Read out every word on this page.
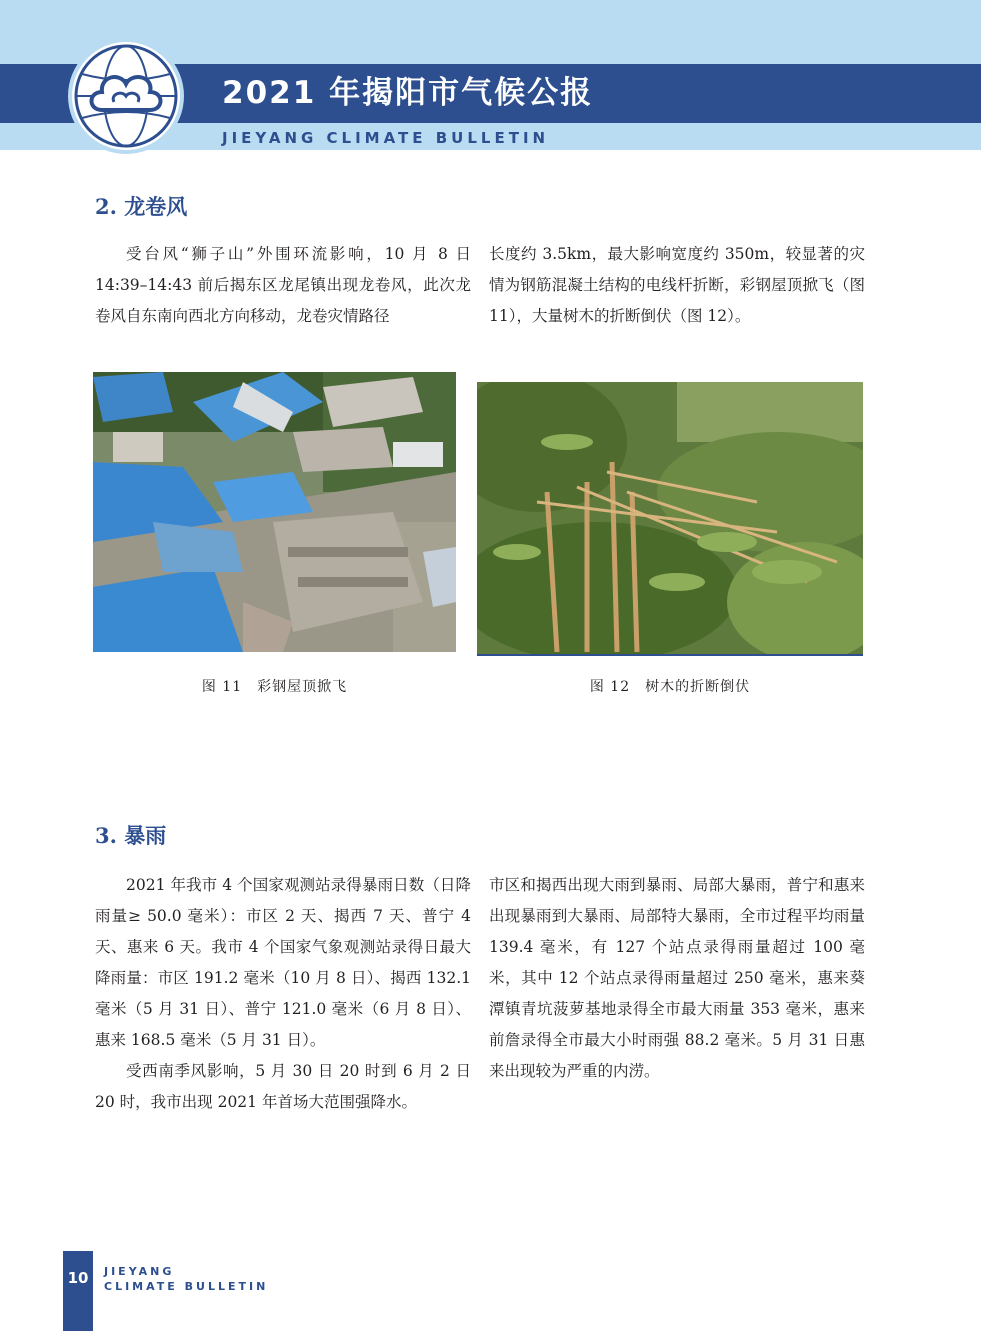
2021 年揭阳市气候公报
JIEYANG CLIMATE BULLETIN
2. 龙卷风

受台风“狮子山”外围环流影响，10 月 8 日 14:39–14:43 前后揭东区龙尾镇出现龙卷风，此次龙卷风自东南向西北方向移动，龙卷灾情路径

长度约 3.5km，最大影响宽度约 350m，较显著的灾情为钢筋混凝土结构的电线杆折断，彩钢屋顶掀飞（图 11），大量树木的折断倒伏（图 12）。

图 11　彩钢屋顶掀飞	图 12　树木的折断倒伏
3. 暴雨

2021 年我市 4 个国家观测站录得暴雨日数（日降雨量≥ 50.0 毫米）：市区 2 天、揭西 7 天、普宁 4 天、惠来 6 天。我市 4 个国家气象观测站录得日最大降雨量：市区 191.2 毫米（10 月 8 日）、揭西 132.1 毫米（5 月 31 日）、普宁 121.0 毫米（6 月 8 日）、惠来 168.5 毫米（5 月 31 日）。

受西南季风影响，5 月 30 日 20 时到 6 月 2 日 20 时，我市出现 2021 年首场大范围强降水。

市区和揭西出现大雨到暴雨、局部大暴雨，普宁和惠来出现暴雨到大暴雨、局部特大暴雨，全市过程平均雨量 139.4 毫米，有 127 个站点录得雨量超过 100 毫米，其中 12 个站点录得雨量超过 250 毫米，惠来葵潭镇青坑菠萝基地录得全市最大雨量 353 毫米，惠来前詹录得全市最大小时雨强 88.2 毫米。5 月 31 日惠来出现较为严重的内涝。

10	JIEYANG
CLIMATE BULLETIN
